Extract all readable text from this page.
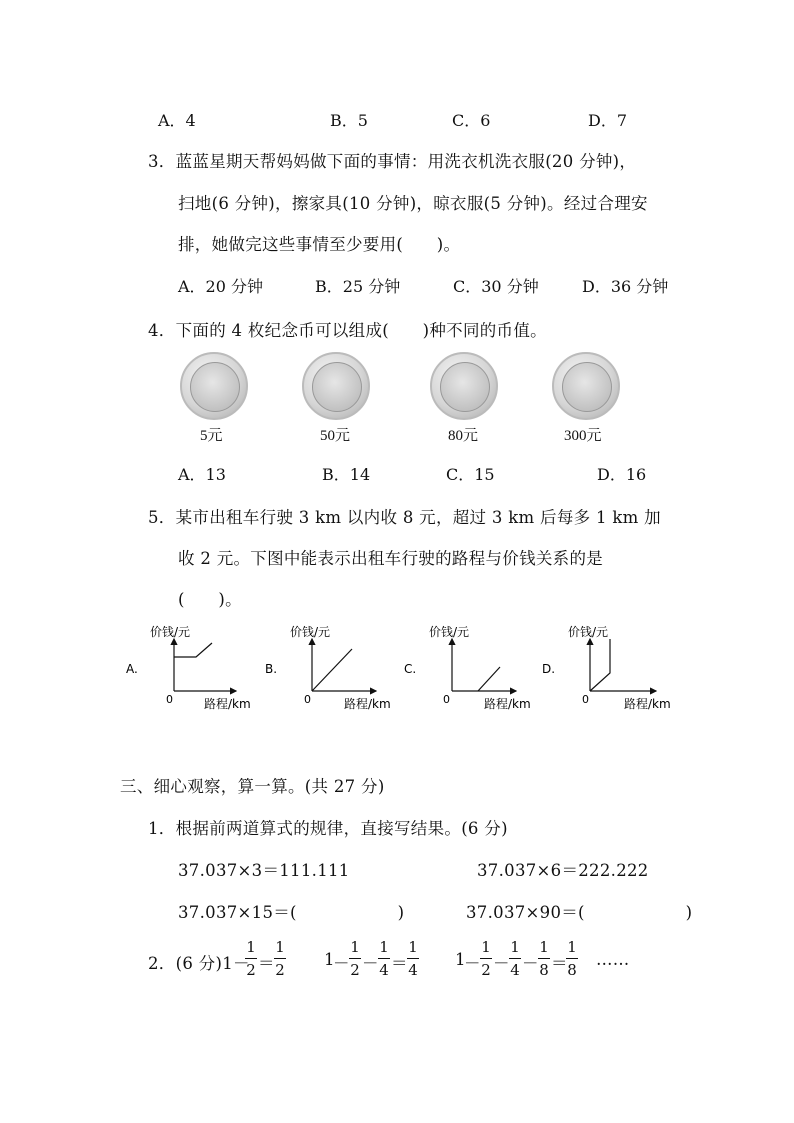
A．4	B．5	C．6	D．7
3．蓝蓝星期天帮妈妈做下面的事情：用洗衣机洗衣服(20 分钟)，
扫地(6 分钟)，擦家具(10 分钟)，晾衣服(5 分钟)。经过合理安
排，她做完这些事情至少要用(　　)。
A．20 分钟	B．25 分钟	C．30 分钟	D．36 分钟
4．下面的 4 枚纪念币可以组成(　　)种不同的币值。
5元	50元	80元	300元
A．13	B．14	C．15	D．16
5．某市出租车行驶 3 km 以内收 8 元，超过 3 km 后每多 1 km 加
收 2 元。下图中能表示出租车行驶的路程与价钱关系的是
(　　)。
A.
价钱/元
0	路程/km
B.
价钱/元
0	路程/km
C.
价钱/元
0	路程/km
D.
价钱/元
0	路程/km
三、细心观察，算一算。(共 27 分)
1．根据前两道算式的规律，直接写结果。(6 分)
37.037×3＝111.111	37.037×6＝222.222
37.037×15＝(　　　　　　)	37.037×90＝(　　　　　　)
2．(6 分)1－
1
2 ＝
1
2
1
－
1
2 －
1
4 ＝
1
4
1
－
1
2 －
1
4 －
1
8 ＝
1
8
……
